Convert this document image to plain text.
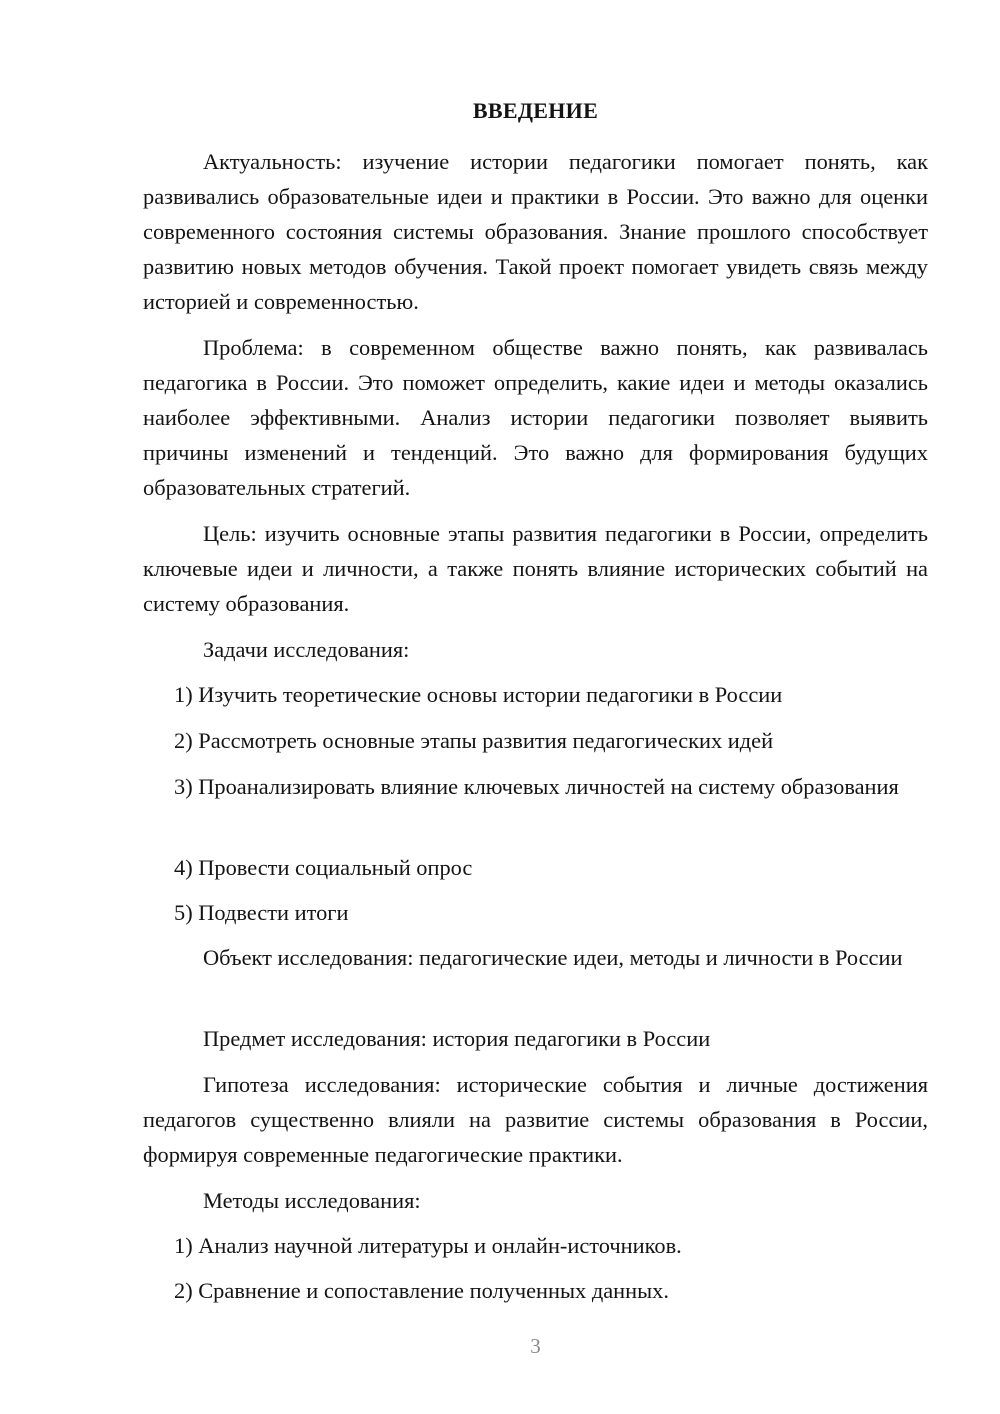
ВВЕДЕНИЕ

Актуальность: изучение истории педагогики помогает понять, как развивались образовательные идеи и практики в России. Это важно для оценки современного состояния системы образования. Знание прошлого способствует развитию новых методов обучения. Такой проект помогает увидеть связь между историей и современностью.

Проблема: в современном обществе важно понять, как развивалась педагогика в России. Это поможет определить, какие идеи и методы оказались наиболее эффективными. Анализ истории педагогики позволяет выявить причины изменений и тенденций. Это важно для формирования будущих образовательных стратегий.

Цель: изучить основные этапы развития педагогики в России, определить ключевые идеи и личности, а также понять влияние исторических событий на систему образования.

Задачи исследования:

1) Изучить теоретические основы истории педагогики в России

2) Рассмотреть основные этапы развития педагогических идей

3) Проанализировать влияние ключевых личностей на систему образования

4) Провести социальный опрос

5) Подвести итоги

Объект исследования: педагогические идеи, методы и личности в России

Предмет исследования: история педагогики в России

Гипотеза исследования: исторические события и личные достижения педагогов существенно влияли на развитие системы образования в России, формируя современные педагогические практики.

Методы исследования:

1) Анализ научной литературы и онлайн-источников.

2) Сравнение и сопоставление полученных данных.

3
